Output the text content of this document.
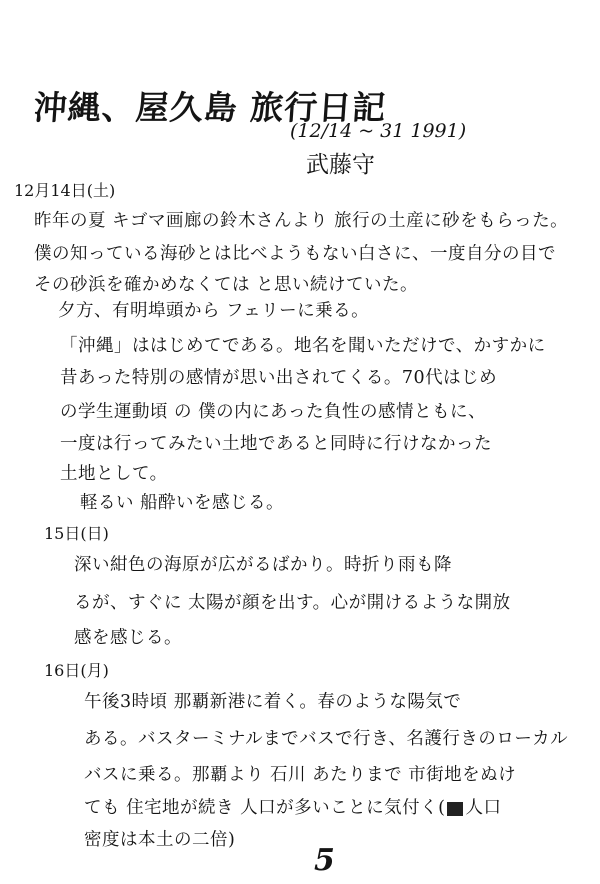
沖縄、屋久島 旅行日記
(12/14 ~ 31 1991)
武藤守
12月14日(土)
昨年の夏 キゴマ画廊の鈴木さんより 旅行の土産に砂をもらった。
僕の知っている海砂とは比べようもない白さに、一度自分の目で
その砂浜を確かめなくては と思い続けていた。
夕方、有明埠頭から フェリーに乗る。
「沖縄」ははじめてである。地名を聞いただけで、かすかに
昔あった特別の感情が思い出されてくる。70代はじめ
の学生運動頃 の 僕の内にあった負性の感情ともに、
一度は行ってみたい土地であると同時に行けなかった
土地として。
軽るい 船酔いを感じる。
15日(日)
深い紺色の海原が広がるばかり。時折り雨も降
るが、すぐに 太陽が顔を出す。心が開けるような開放
感を感じる。
16日(月)
午後3時頃 那覇新港に着く。春のような陽気で
ある。バスターミナルまでバスで行き、名護行きのローカル
バスに乗る。那覇より 石川 あたりまで 市街地をぬけ
ても 住宅地が続き 人口が多いことに気付く( 人口
密度は本土の二倍)
5
